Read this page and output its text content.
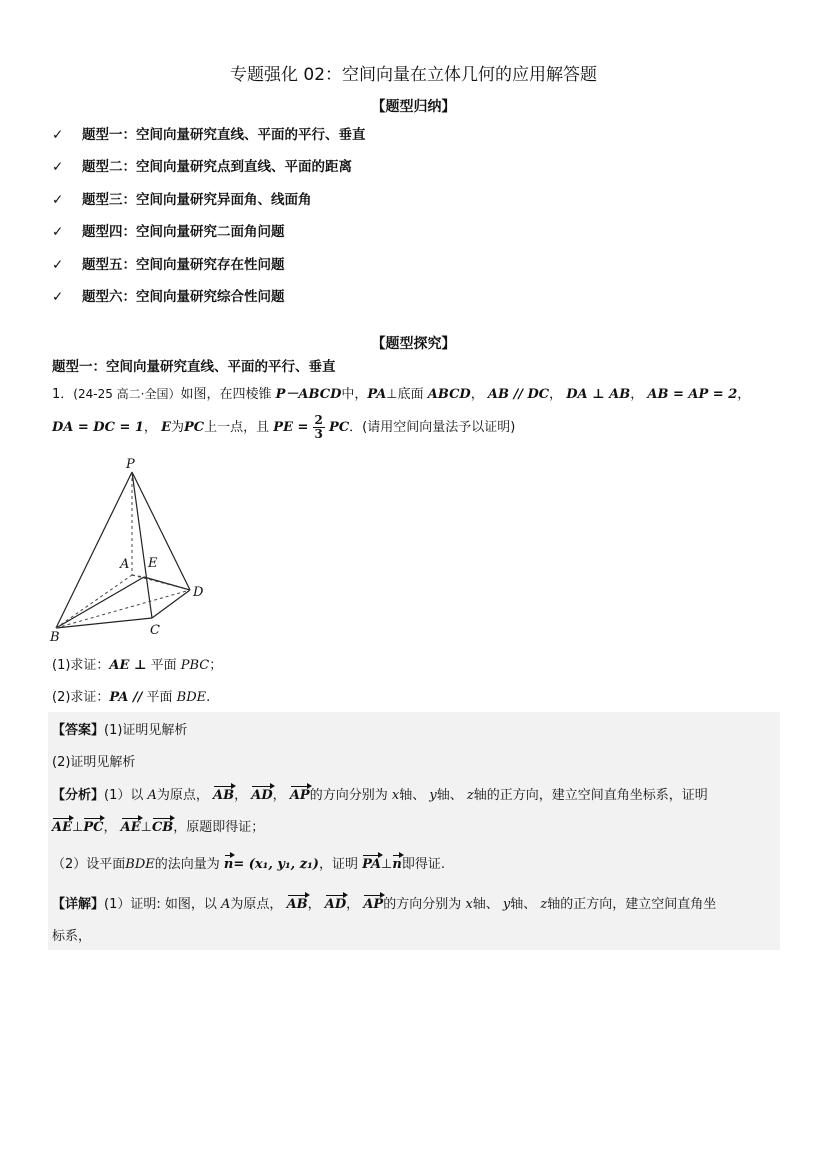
专题强化 02：空间向量在立体几何的应用解答题
【题型归纳】
✓ 题型一：空间向量研究直线、平面的平行、垂直
✓ 题型二：空间向量研究点到直线、平面的距离
✓ 题型三：空间向量研究异面角、线面角
✓ 题型四：空间向量研究二面角问题
✓ 题型五：空间向量研究存在性问题
✓ 题型六：空间向量研究综合性问题
【题型探究】
题型一：空间向量研究直线、平面的平行、垂直
1．(24-25 高二·全国）如图，在四棱锥 P－ABCD中，PA⊥底面 ABCD， AB // DC， DA ⊥ AB， AB = AP = 2，
DA = DC = 1， E为PC上一点，且 PE = $\frac{2}{3}$ PC．(请用空间向量法予以证明)
P
A E
D
B	C
(1)求证：AE ⊥ 平面 PBC；
(2)求证：PA // 平面 BDE.
【答案】(1)证明见解析
(2)证明见解析
【分析】(1）以 A为原点， AB， AD， AP的方向分别为 x轴、 y轴、 z轴的正方向，建立空间直角坐标系，证明
AE⊥PC， AE⊥CB，原题即得证；
（2）设平面BDE的法向量为 n= (x₁, y₁, z₁)，证明 PA⊥n即得证.
【详解】(1）证明: 如图，以 A为原点， AB， AD， AP的方向分别为 x轴、 y轴、 z轴的正方向，建立空间直角坐
标系，
